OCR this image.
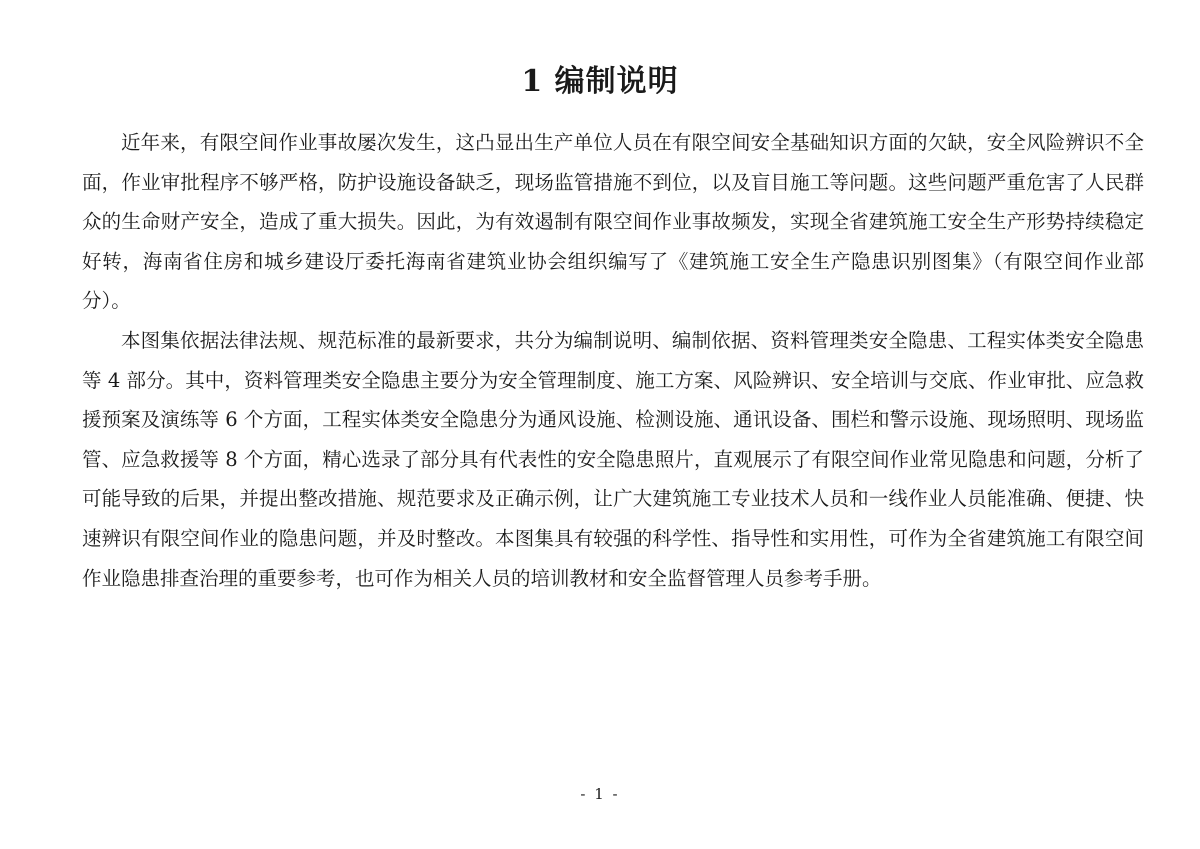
1 编制说明

近年来，有限空间作业事故屡次发生，这凸显出生产单位人员在有限空间安全基础知识方面的欠缺，安全风险辨识不全面，作业审批程序不够严格，防护设施设备缺乏，现场监管措施不到位，以及盲目施工等问题。这些问题严重危害了人民群众的生命财产安全，造成了重大损失。因此，为有效遏制有限空间作业事故频发，实现全省建筑施工安全生产形势持续稳定好转，海南省住房和城乡建设厅委托海南省建筑业协会组织编写了《建筑施工安全生产隐患识别图集》（有限空间作业部分）。

本图集依据法律法规、规范标准的最新要求，共分为编制说明、编制依据、资料管理类安全隐患、工程实体类安全隐患等 4 部分。其中，资料管理类安全隐患主要分为安全管理制度、施工方案、风险辨识、安全培训与交底、作业审批、应急救援预案及演练等 6 个方面，工程实体类安全隐患分为通风设施、检测设施、通讯设备、围栏和警示设施、现场照明、现场监管、应急救援等 8 个方面，精心选录了部分具有代表性的安全隐患照片，直观展示了有限空间作业常见隐患和问题，分析了可能导致的后果，并提出整改措施、规范要求及正确示例，让广大建筑施工专业技术人员和一线作业人员能准确、便捷、快速辨识有限空间作业的隐患问题，并及时整改。本图集具有较强的科学性、指导性和实用性，可作为全省建筑施工有限空间作业隐患排查治理的重要参考，也可作为相关人员的培训教材和安全监督管理人员参考手册。

- 1 -
